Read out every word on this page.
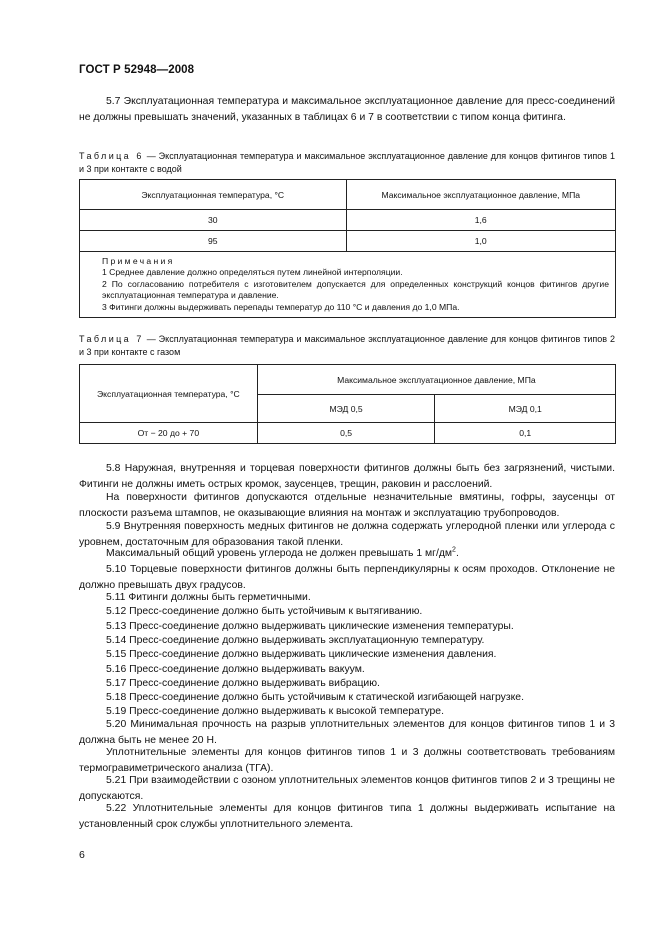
ГОСТ Р 52948—2008

5.7 Эксплуатационная температура и максимальное эксплуатационное давление для пресс-соединений не должны превышать значений, указанных в таблицах 6 и 7 в соответствии с типом конца фитинга.

Таблица 6 — Эксплуатационная температура и максимальное эксплуатационное давление для концов фитингов типов 1 и 3 при контакте с водой

Эксплуатационная температура, °С	Максимальное эксплуатационное давление, МПа
30	1,6
95	1,0

Примечания
1 Среднее давление должно определяться путем линейной интерполяции.
2 По согласованию потребителя с изготовителем допускается для определенных конструкций концов фитингов другие эксплуатационная температура и давление.
3 Фитинги должны выдерживать перепады температур до 110 °С и давления до 1,0 МПа.	

Таблица 7 — Эксплуатационная температура и максимальное эксплуатационное давление для концов фитингов типов 2 и 3 при контакте с газом

Эксплуатационная температура, °С	Максимальное эксплуатационное давление, МПа	
	МЭД 0,5	МЭД 0,1
От − 20 до + 70	0,5	0,1

5.8 Наружная, внутренняя и торцевая поверхности фитингов должны быть без загрязнений, чистыми. Фитинги не должны иметь острых кромок, заусенцев, трещин, раковин и расслоений.

На поверхности фитингов допускаются отдельные незначительные вмятины, гофры, заусенцы от плоскости разъема штампов, не оказывающие влияния на монтаж и эксплуатацию трубопроводов.

5.9 Внутренняя поверхность медных фитингов не должна содержать углеродной пленки или углерода с уровнем, достаточным для образования такой пленки.

Максимальный общий уровень углерода не должен превышать 1 $мг/дм^2$.

5.10 Торцевые поверхности фитингов должны быть перпендикулярны к осям проходов. Отклонение не должно превышать двух градусов.

5.11 Фитинги должны быть герметичными.

5.12 Пресс-соединение должно быть устойчивым к вытягиванию.

5.13 Пресс-соединение должно выдерживать циклические изменения температуры.

5.14 Пресс-соединение должно выдерживать эксплуатационную температуру.

5.15 Пресс-соединение должно выдерживать циклические изменения давления.

5.16 Пресс-соединение должно выдерживать вакуум.

5.17 Пресс-соединение должно выдерживать вибрацию.

5.18 Пресс-соединение должно быть устойчивым к статической изгибающей нагрузке.

5.19 Пресс-соединение должно выдерживать к высокой температуре.

5.20 Минимальная прочность на разрыв уплотнительных элементов для концов фитингов типов 1 и 3 должна быть не менее 20 Н.

Уплотнительные элементы для концов фитингов типов 1 и 3 должны соответствовать требованиям термогравиметрического анализа (ТГА).

5.21 При взаимодействии с озоном уплотнительных элементов концов фитингов типов 2 и 3 трещины не допускаются.

5.22 Уплотнительные элементы для концов фитингов типа 1 должны выдерживать испытание на установленный срок службы уплотнительного элемента.

6
